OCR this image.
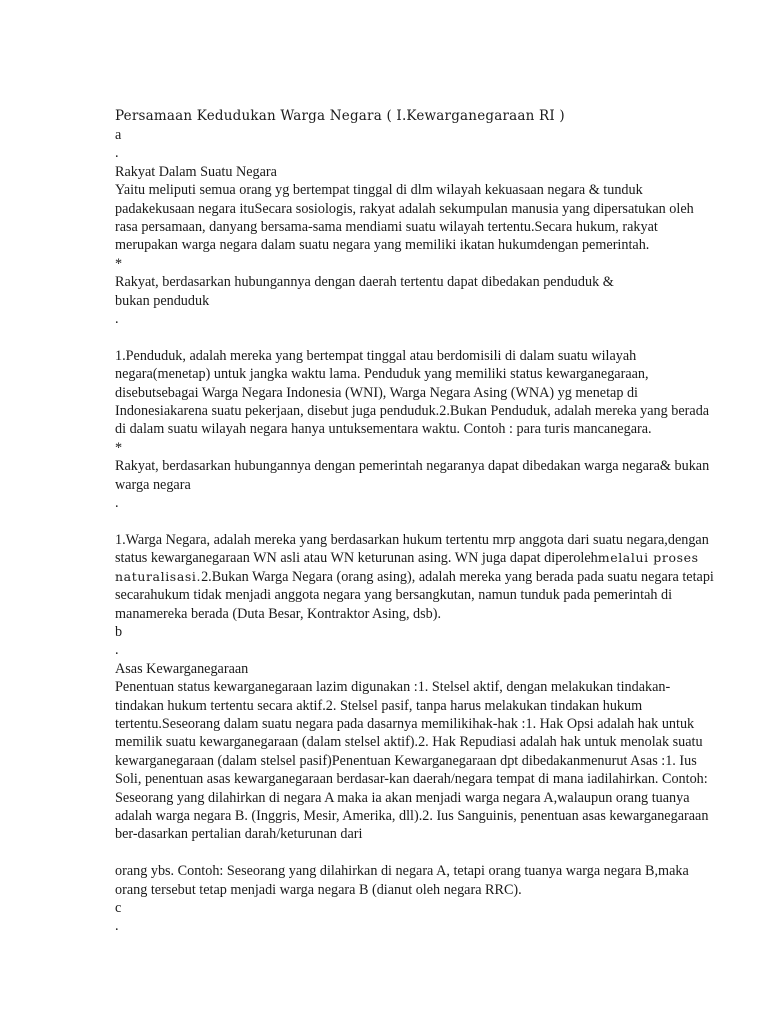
Persamaan Kedudukan Warga Negara ( I.Kewarganegaraan RI )

a

.

Rakyat Dalam Suatu Negara

Yaitu meliputi semua orang yg bertempat tinggal di dlm wilayah kekuasaan negara & tunduk

padakekusaan negara ituSecara sosiologis, rakyat adalah sekumpulan manusia yang dipersatukan oleh

rasa persamaan, danyang bersama-sama mendiami suatu wilayah tertentu.Secara hukum, rakyat

merupakan warga negara dalam suatu negara yang memiliki ikatan hukumdengan pemerintah.

*

Rakyat, berdasarkan hubungannya dengan daerah tertentu dapat dibedakan penduduk &

bukan penduduk

.

1.Penduduk, adalah mereka yang bertempat tinggal atau berdomisili di dalam suatu wilayah

negara(menetap) untuk jangka waktu lama. Penduduk yang memiliki status kewarganegaraan,

disebutsebagai Warga Negara Indonesia (WNI), Warga Negara Asing (WNA) yg menetap di

Indonesiakarena suatu pekerjaan, disebut juga penduduk.2.Bukan Penduduk, adalah mereka yang berada

di dalam suatu wilayah negara hanya untuksementara waktu. Contoh : para turis mancanegara.

*

Rakyat, berdasarkan hubungannya dengan pemerintah negaranya dapat dibedakan warga negara& bukan

warga negara

.

1.Warga Negara, adalah mereka yang berdasarkan hukum tertentu mrp anggota dari suatu negara,dengan

status kewarganegaraan WN asli atau WN keturunan asing. WN juga dapat diperolehmelalui proses

naturalisasi.2.Bukan Warga Negara (orang asing), adalah mereka yang berada pada suatu negara tetapi

secarahukum tidak menjadi anggota negara yang bersangkutan, namun tunduk pada pemerintah di

manamereka berada (Duta Besar, Kontraktor Asing, dsb).

b

.

Asas Kewarganegaraan

Penentuan status kewarganegaraan lazim digunakan :1. Stelsel aktif, dengan melakukan tindakan-

tindakan hukum tertentu secara aktif.2. Stelsel pasif, tanpa harus melakukan tindakan hukum

tertentu.Seseorang dalam suatu negara pada dasarnya memilikihak-hak :1. Hak Opsi adalah hak untuk

memilik suatu kewarganegaraan (dalam stelsel aktif).2. Hak Repudiasi adalah hak untuk menolak suatu

kewarganegaraan (dalam stelsel pasif)Penentuan Kewarganegaraan dpt dibedakanmenurut Asas :1. Ius

Soli, penentuan asas kewarganegaraan berdasar-kan daerah/negara tempat di mana iadilahirkan. Contoh:

Seseorang yang dilahirkan di negara A maka ia akan menjadi warga negara A,walaupun orang tuanya

adalah warga negara B. (Inggris, Mesir, Amerika, dll).2. Ius Sanguinis, penentuan asas kewarganegaraan

ber-dasarkan pertalian darah/keturunan dari

orang ybs. Contoh: Seseorang yang dilahirkan di negara A, tetapi orang tuanya warga negara B,maka

orang tersebut tetap menjadi warga negara B (dianut oleh negara RRC).

c

.
